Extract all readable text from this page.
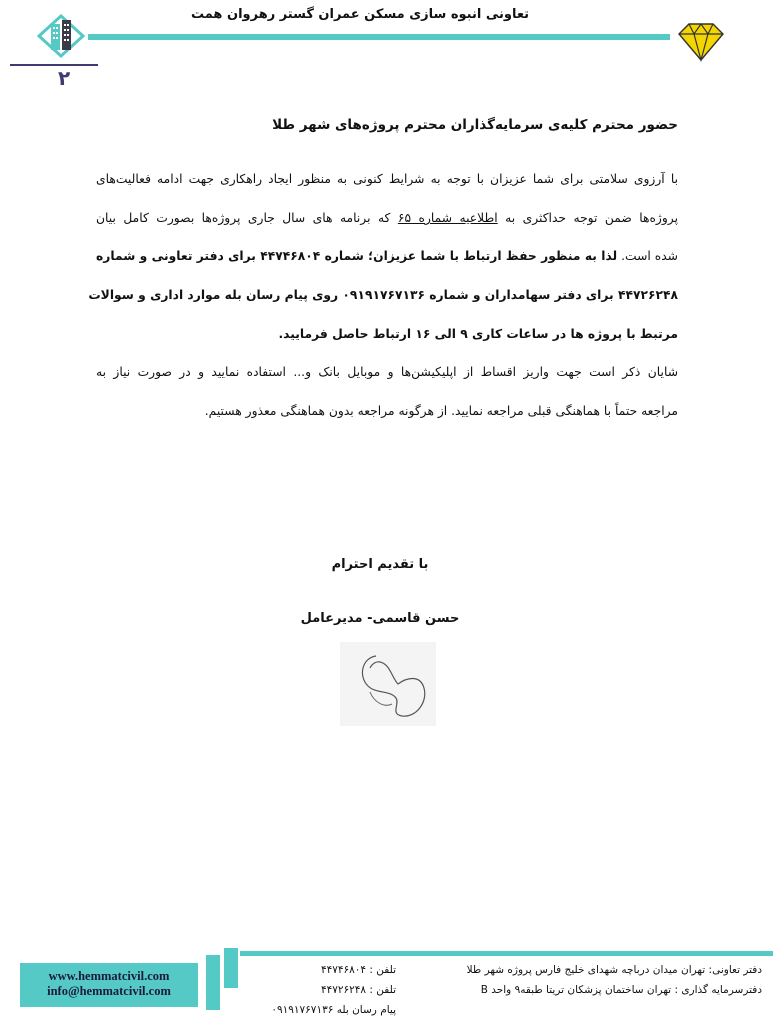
تعاونی انبوه سازی مسکن عمران گستر رهروان همت
۲
حضور محترم کلیه‌ی سرمایه‌گذاران محترم پروژه‌های شهر طلا
با آرزوی سلامتی برای شما عزیزان با توجه به شرایط کنونی به منظور ایجاد راهکاری جهت ادامه فعالیت‌های
پروژه‌ها ضمن توجه حداکثری به اطلاعیه شماره ۶۵ که برنامه های سال جاری پروژه‌ها بصورت کامل بیان
شده است. لذا به منظور حفظ ارتباط با شما عزیزان؛ شماره ۴۴۷۴۶۸۰۴ برای دفتر تعاونی و شماره
۴۴۷۲۶۲۴۸ برای دفتر سهامداران و شماره ۰۹۱۹۱۷۶۷۱۳۶ روی پیام رسان بله موارد اداری و سوالات
مرتبط با پروژه ها در ساعات کاری ۹ الی ۱۶ ارتباط حاصل فرمایید.
شایان ذکر است جهت واریز اقساط از اپلیکیشن‌ها و موبایل بانک و... استفاده نمایید و در صورت نیاز به
مراجعه حتماً با هماهنگی قبلی مراجعه نمایید. از هرگونه مراجعه بدون هماهنگی معذور هستیم.
با تقدیم احترام
حسن قاسمی- مدیرعامل
www.hemmatcivil.com
info@hemmatcivil.com
تلفن : ۴۴۷۴۶۸۰۴
تلفن : ۴۴۷۲۶۲۴۸
پیام رسان بله ۰۹۱۹۱۷۶۷۱۳۶
دفتر تعاونی: تهران میدان درباچه شهدای خلیج فارس پروژه شهر طلا
دفترسرمایه گذاری : تهران ساختمان پزشکان تریتا طبقه۹ واحد B
